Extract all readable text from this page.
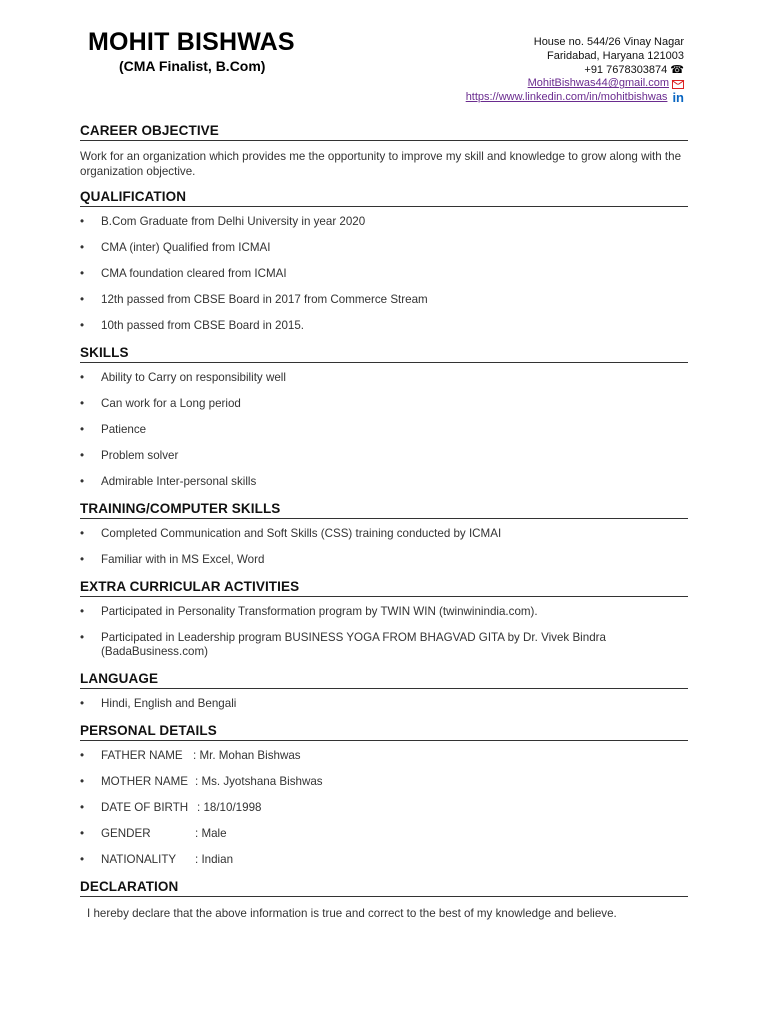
MOHIT BISHWAS
(CMA Finalist, B.Com)
House no. 544/26 Vinay Nagar
Faridabad, Haryana 121003
+91 7678303874 ☎
MohitBishwas44@gmail.com
https://www.linkedin.com/in/mohitbishwas in
CAREER OBJECTIVE

Work for an organization which provides me the opportunity to improve my skill and knowledge to grow along with the organization objective.

QUALIFICATION
• B.Com Graduate from Delhi University in year 2020
• CMA (inter) Qualified from ICMAI
• CMA foundation cleared from ICMAI
• 12th passed from CBSE Board in 2017 from Commerce Stream
• 10th passed from CBSE Board in 2015.
SKILLS
• Ability to Carry on responsibility well
• Can work for a Long period
• Patience
• Problem solver
• Admirable Inter-personal skills
TRAINING/COMPUTER SKILLS
• Completed Communication and Soft Skills (CSS) training conducted by ICMAI
• Familiar with in MS Excel, Word
EXTRA CURRICULAR ACTIVITIES
• Participated in Personality Transformation program by TWIN WIN (twinwinindia.com).
• Participated in Leadership program BUSINESS YOGA FROM BHAGVAD GITA by Dr. Vivek Bindra (BadaBusiness.com)
LANGUAGE
• Hindi, English and Bengali
PERSONAL DETAILS
• FATHER NAME : Mr. Mohan Bishwas
• MOTHER NAME : Ms. Jyotshana Bishwas
• DATE OF BIRTH : 18/10/1998
• GENDER	: Male
• NATIONALITY : Indian
DECLARATION
I hereby declare that the above information is true and correct to the best of my knowledge and believe.
